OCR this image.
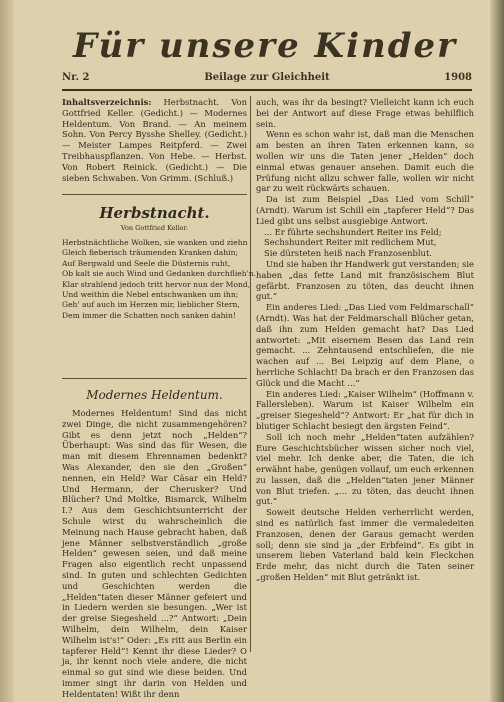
Für unsere Kinder
Nr. 2	Beilage zur Gleichheit	1908

Inhaltsverzeichnis: Herbstnacht. Von Gottfried Keller. (Gedicht.) — Modernes Heldentum. Von Brand. — An meinem Sohn. Von Percy Bysshe Shelley. (Gedicht.) — Meister Lampes Reitpferd. — Zwei Treibhauspflanzen. Von Hebe. — Herbst. Von Robert Reinick. (Gedicht.) — Die sieben Schwaben. Von Grimm. (Schluß.)

Herbstnacht.
Von Gottfried Keller.
Herbstnächtliche Wolken, sie wanken und ziehn
Gleich fieberisch träumenden Kranken dahin;
Auf Bergwald und Seele die Düsternis ruht,
Ob kalt sie auch Wind und Gedanken durchflieh'n.
Klar strahlend jedoch tritt hervor nun der Mond,
Und weithin die Nebel entschwanken um ihn;
Geh' auf auch im Herzen mir, lieblicher Stern,
Dem immer die Schatten noch sanken dahin!
Modernes Heldentum.

Modernes Heldentum! Sind das nicht zwei Dinge, die nicht zusammengehören? Gibt es denn jetzt noch „Helden“? Überhaupt: Was sind das für Wesen, die man mit diesem Ehrennamen bedenkt? Was Alexander, den sie den „Großen“ nennen, ein Held? War Cäsar ein Held? Und Hermann, der Cherusker? Und Blücher? Und Moltke, Bismarck, Wilhelm I.? Aus dem Geschichtsunterricht der Schule wirst du wahrscheinlich die Meinung nach Hause gebracht haben, daß jene Männer selbstverständlich „große Helden“ gewesen seien, und daß meine Fragen also eigentlich recht unpassend sind. In guten und schlechten Gedichten und Geschichten werden die „Helden“taten dieser Männer gefeiert und in Liedern werden sie besungen. „Wer ist der greise Siegesheld ...?“ Antwort: „Dein Wilhelm, dein Wilhelm, dein Kaiser Wilhelm ist's!“ Oder: „Es ritt aus Berlin ein tapferer Held“! Kennt ihr diese Lieder? O ja, ihr kennt noch viele andere, die nicht einmal so gut sind wie diese beiden. Und immer singt ihr darin von Helden und Heldentaten! Wißt ihr denn

auch, was ihr da besingt? Vielleicht kann ich euch bei der Antwort auf diese Frage etwas behilflich sein.

Wenn es schon wahr ist, daß man die Menschen am besten an ihren Taten erkennen kann, so wollen wir uns die Taten jener „Helden“ doch einmal etwas genauer ansehen. Damit euch die Prüfung nicht allzu schwer falle, wollen wir nicht gar zu weit rückwärts schauen.

Da ist zum Beispiel „Das Lied vom Schill“ (Arndt). Warum ist Schill ein „tapferer Held“? Das Lied gibt uns selbst ausgiebige Antwort.

... Er führte sechshundert Reiter ins Feld;

Sechshundert Reiter mit redlichem Mut,

Sie dürsteten heiß nach Franzosenblut.

Und sie haben ihr Handwerk gut verstanden; sie haben „das fette Land mit französischem Blut gefärbt. Franzosen zu töten, das deucht ihnen gut.“

Ein anderes Lied: „Das Lied vom Feldmarschall“ (Arndt). Was hat der Feldmarschall Blücher getan, daß ihn zum Helden gemacht hat? Das Lied antwortet: „Mit eisernem Besen das Land rein gemacht. ... Zehntausend entschliefen, die nie wachen auf ... Bei Leipzig auf dem Plane, o herrliche Schlacht! Da brach er den Franzosen das Glück und die Macht ...“

Ein anderes Lied: „Kaiser Wilhelm“ (Hoffmann v. Fallersleben). Warum ist Kaiser Wilhelm ein „greiser Siegesheld“? Antwort: Er „hat für dich in blutiger Schlacht besiegt den ärgsten Feind“.

Soll ich noch mehr „Helden“taten aufzählen? Eure Geschichtsbücher wissen sicher noch viel, viel mehr. Ich denke aber, die Taten, die ich erwähnt habe, genügen vollauf, um euch erkennen zu lassen, daß die „Helden“taten jener Männer von Blut triefen. „... zu töten, das deucht ihnen gut.“

Soweit deutsche Helden verherrlicht werden, sind es natürlich fast immer die vermaledeiten Franzosen, denen der Garaus gemacht werden soll; denn sie sind ja „der Erbfeind“. Es gibt in unserem lieben Vaterland bald kein Fleckchen Erde mehr, das nicht durch die Taten seiner „großen Helden“ mit Blut getränkt ist.
